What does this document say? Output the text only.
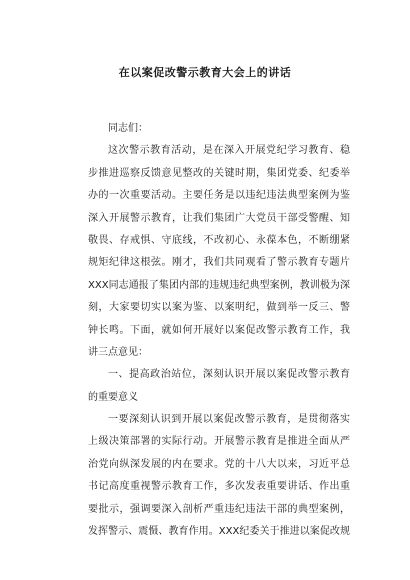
在以案促改警示教育大会上的讲话
同志们：
这次警示教育活动，是在深入开展党纪学习教育、稳
步推进巡察反馈意见整改的关键时期，集团党委、纪委举
办的一次重要活动。主要任务是以违纪违法典型案例为鉴
深入开展警示教育，让我们集团广大党员干部受警醒、知
敬畏、存戒惧、守底线，不改初心、永葆本色，不断绷紧
规矩纪律这根弦。刚才，我们共同观看了警示教育专题片
XXX同志通报了集团内部的违规违纪典型案例，教训极为深
刻，大家要切实以案为鉴、以案明纪，做到举一反三、警
钟长鸣。下面，就如何开展好以案促改警示教育工作，我
讲三点意见：
一、提高政治站位，深刻认识开展以案促改警示教育
的重要意义
一要深刻认识到开展以案促改警示教育，是贯彻落实
上级决策部署的实际行动。开展警示教育是推进全面从严
治党向纵深发展的内在要求。党的十八大以来，习近平总
书记高度重视警示教育工作，多次发表重要讲话、作出重
要批示，强调要深入剖析严重违纪违法干部的典型案例，
发挥警示、震慑、教育作用。XXX纪委关于推进以案促改规
